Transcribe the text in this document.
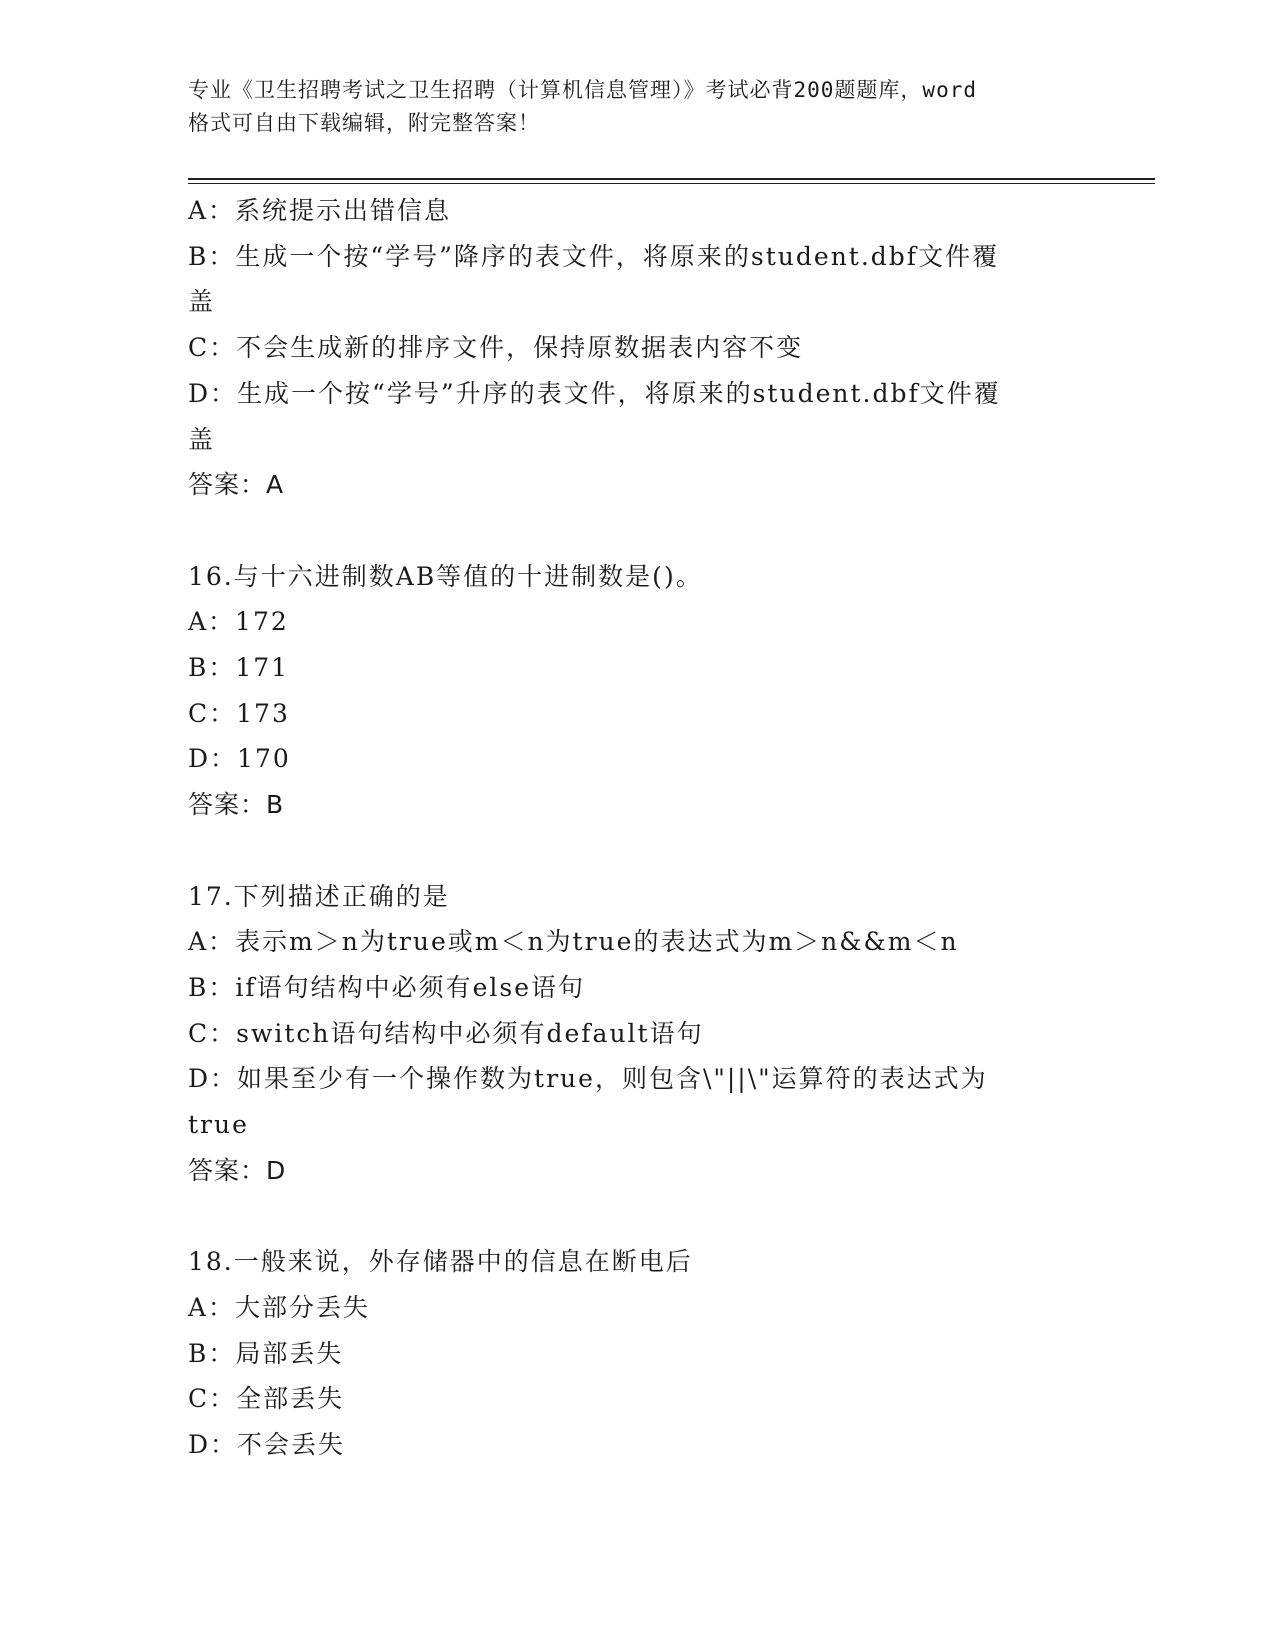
专业《卫生招聘考试之卫生招聘（计算机信息管理）》考试必背200题题库，word
格式可自由下载编辑，附完整答案！
A：系统提示出错信息
B：生成一个按“学号”降序的表文件，将原来的student.dbf文件覆
盖
C：不会生成新的排序文件，保持原数据表内容不变
D：生成一个按“学号”升序的表文件，将原来的student.dbf文件覆
盖
答案：A
16.与十六进制数AB等值的十进制数是()。
A：172
B：171
C：173
D：170
答案：B
17.下列描述正确的是
A：表示m＞n为true或m＜n为true的表达式为m＞n&&m＜n
B：if语句结构中必须有else语句
C：switch语句结构中必须有default语句
D：如果至少有一个操作数为true，则包含\"||\"运算符的表达式为
true
答案：D
18.一般来说，外存储器中的信息在断电后
A：大部分丢失
B：局部丢失
C：全部丢失
D：不会丢失
